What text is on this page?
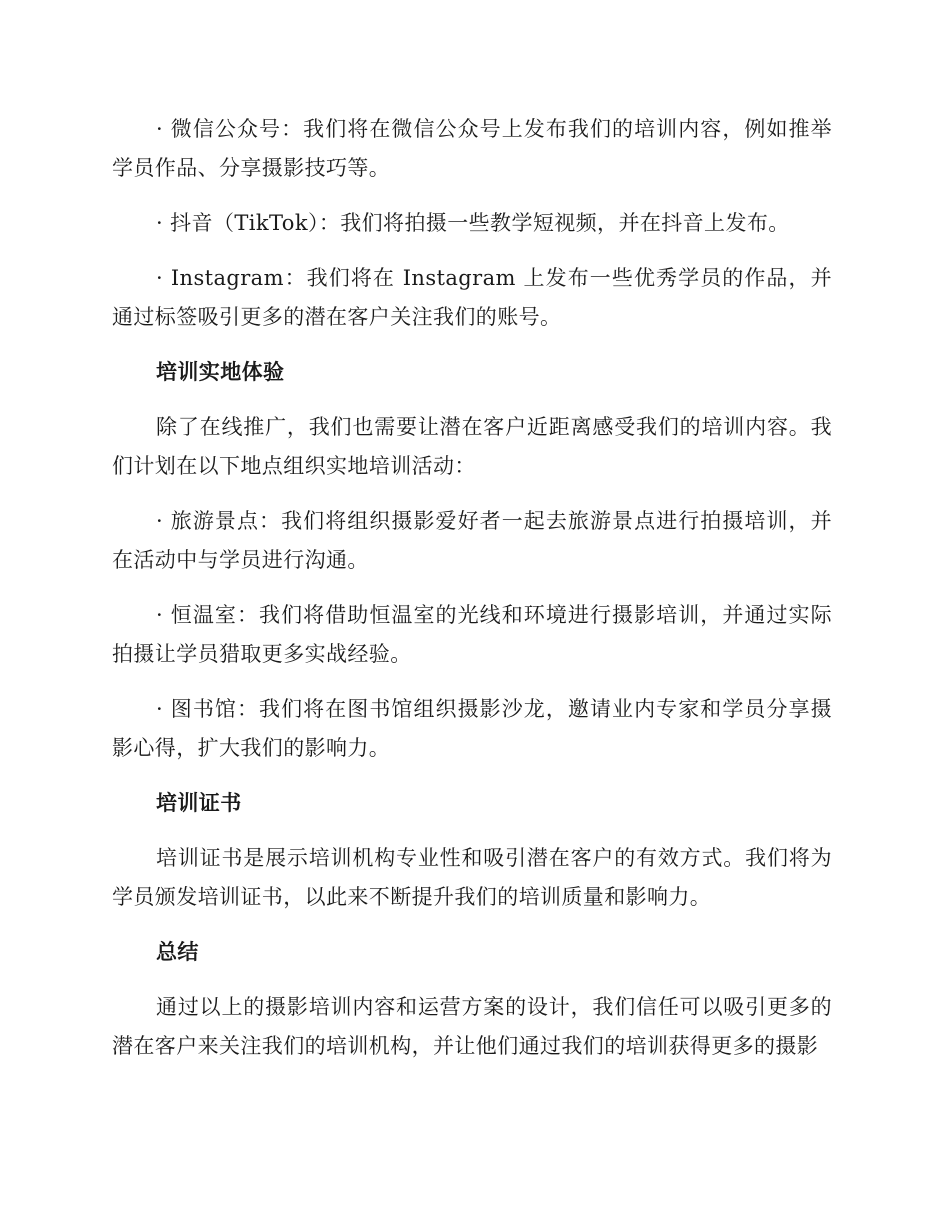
· 微信公众号：我们将在微信公众号上发布我们的培训内容，例如推举学员作品、分享摄影技巧等。

· 抖音（TikTok）：我们将拍摄一些教学短视频，并在抖音上发布。

· Instagram：我们将在 Instagram 上发布一些优秀学员的作品，并通过标签吸引更多的潜在客户关注我们的账号。

培训实地体验

除了在线推广，我们也需要让潜在客户近距离感受我们的培训内容。我们计划在以下地点组织实地培训活动：

· 旅游景点：我们将组织摄影爱好者一起去旅游景点进行拍摄培训，并在活动中与学员进行沟通。

· 恒温室：我们将借助恒温室的光线和环境进行摄影培训，并通过实际拍摄让学员猎取更多实战经验。

· 图书馆：我们将在图书馆组织摄影沙龙，邀请业内专家和学员分享摄影心得，扩大我们的影响力。

培训证书

培训证书是展示培训机构专业性和吸引潜在客户的有效方式。我们将为学员颁发培训证书，以此来不断提升我们的培训质量和影响力。

总结

通过以上的摄影培训内容和运营方案的设计，我们信任可以吸引更多的潜在客户来关注我们的培训机构，并让他们通过我们的培训获得更多的摄影
